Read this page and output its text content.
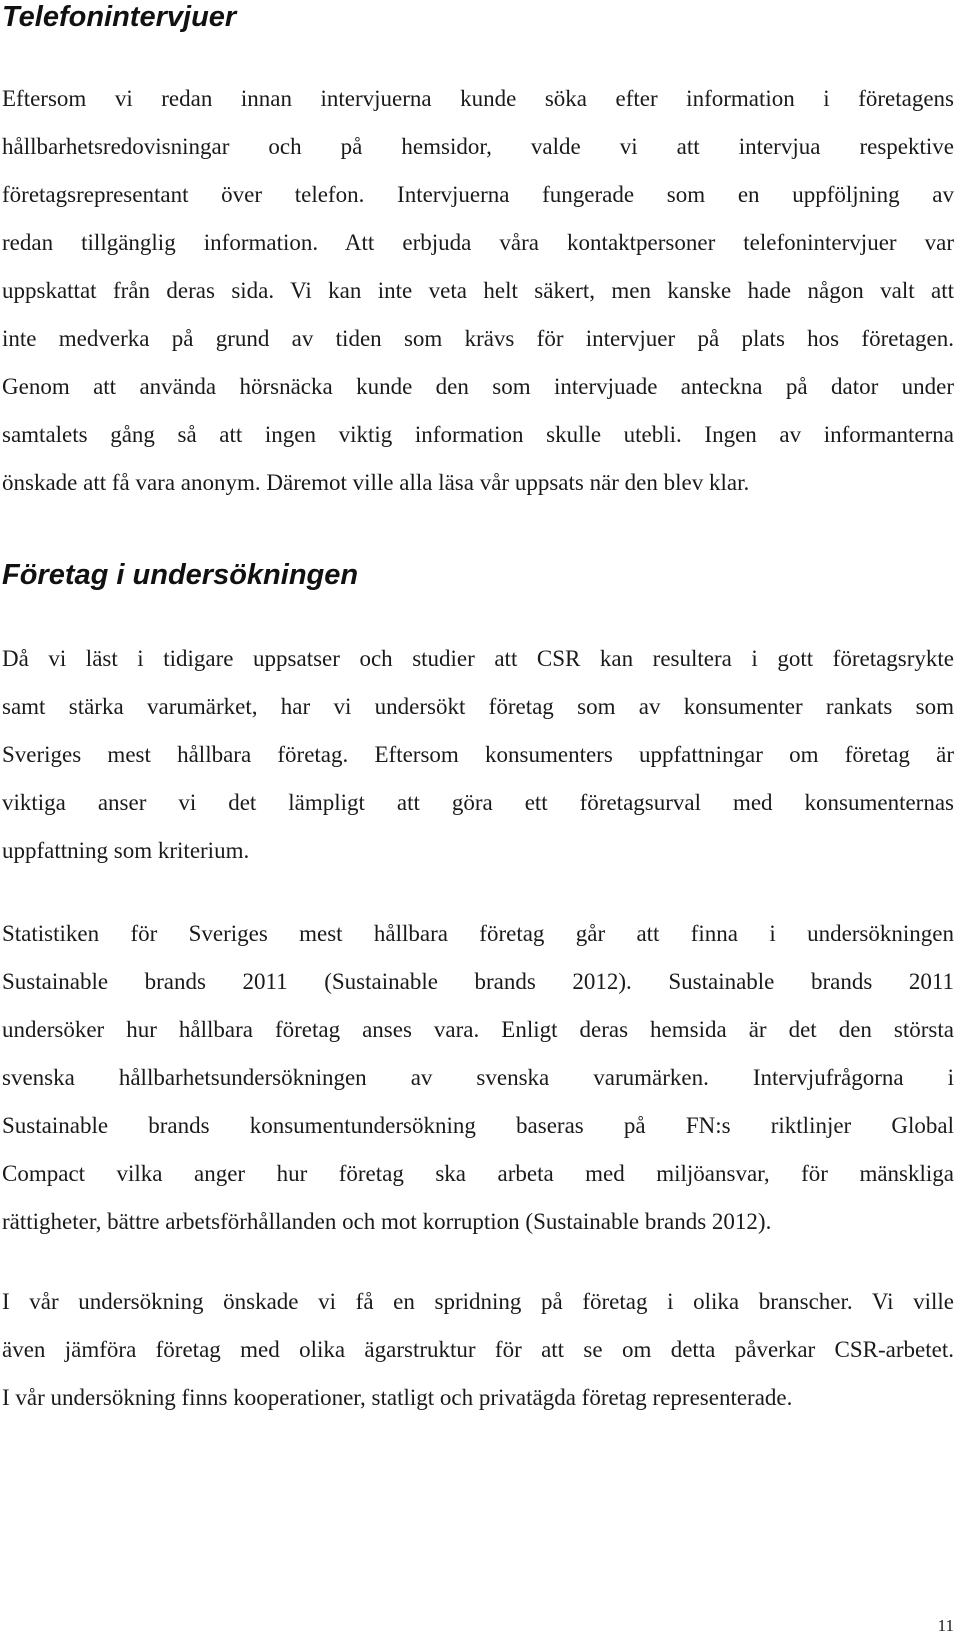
Telefonintervjuer
Eftersom vi redan innan intervjuerna kunde söka efter information i företagens
hållbarhetsredovisningar och på hemsidor, valde vi att intervjua respektive
företagsrepresentant över telefon. Intervjuerna fungerade som en uppföljning av
redan tillgänglig information. Att erbjuda våra kontaktpersoner telefonintervjuer var
uppskattat från deras sida. Vi kan inte veta helt säkert, men kanske hade någon valt att
inte medverka på grund av tiden som krävs för intervjuer på plats hos företagen.
Genom att använda hörsnäcka kunde den som intervjuade anteckna på dator under
samtalets gång så att ingen viktig information skulle utebli. Ingen av informanterna
önskade att få vara anonym. Däremot ville alla läsa vår uppsats när den blev klar.
Företag i undersökningen
Då vi läst i tidigare uppsatser och studier att CSR kan resultera i gott företagsrykte
samt stärka varumärket, har vi undersökt företag som av konsumenter rankats som
Sveriges mest hållbara företag. Eftersom konsumenters uppfattningar om företag är
viktiga anser vi det lämpligt att göra ett företagsurval med konsumenternas
uppfattning som kriterium.
Statistiken för Sveriges mest hållbara företag går att finna i undersökningen
Sustainable brands 2011 (Sustainable brands 2012). Sustainable brands 2011
undersöker hur hållbara företag anses vara. Enligt deras hemsida är det den största
svenska hållbarhetsundersökningen av svenska varumärken. Intervjufrågorna i
Sustainable brands konsumentundersökning baseras på FN:s riktlinjer Global
Compact vilka anger hur företag ska arbeta med miljöansvar, för mänskliga
rättigheter, bättre arbetsförhållanden och mot korruption (Sustainable brands 2012).
I vår undersökning önskade vi få en spridning på företag i olika branscher. Vi ville
även jämföra företag med olika ägarstruktur för att se om detta påverkar CSR-arbetet.
I vår undersökning finns kooperationer, statligt och privatägda företag representerade.
11
